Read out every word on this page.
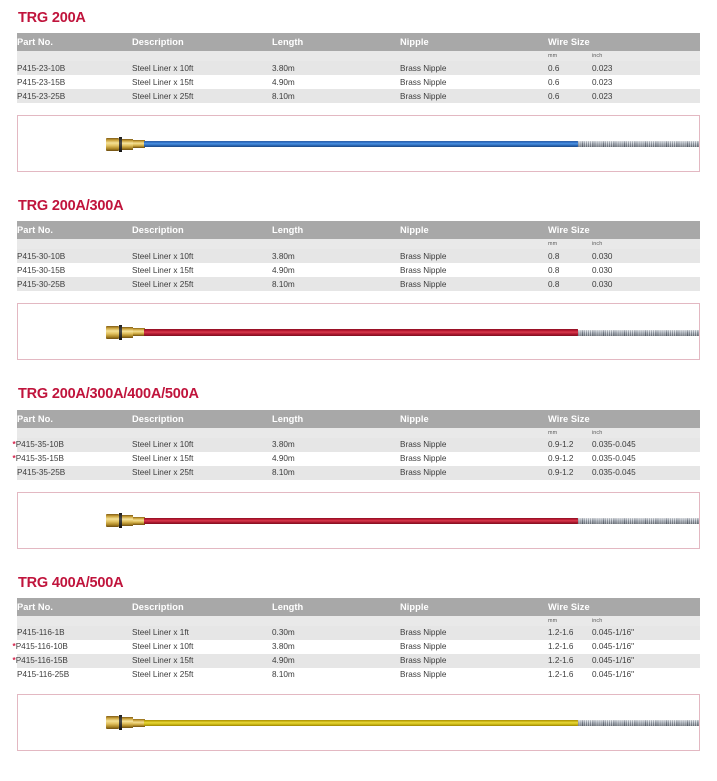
TRG 200A
Part No.	Description	Length	Nipple	Wire Size

				mm inch

P415-23-10B	Steel Liner x 10ft	3.80m	Brass Nipple	0.6 0.023

P415-23-15B	Steel Liner x 15ft	4.90m	Brass Nipple	0.6 0.023

P415-23-25B	Steel Liner x 25ft	8.10m	Brass Nipple	0.6 0.023
TRG 200A/300A
Part No.	Description	Length	Nipple	Wire Size

				mm inch

P415-30-10B	Steel Liner x 10ft	3.80m	Brass Nipple	0.8 0.030

P415-30-15B	Steel Liner x 15ft	4.90m	Brass Nipple	0.8 0.030

P415-30-25B	Steel Liner x 25ft	8.10m	Brass Nipple	0.8 0.030
TRG 200A/300A/400A/500A
Part No.	Description	Length	Nipple	Wire Size

				mm inch

*P415-35-10B	Steel Liner x 10ft	3.80m	Brass Nipple	0.9-1.2 0.035-0.045

*P415-35-15B	Steel Liner x 15ft	4.90m	Brass Nipple	0.9-1.2 0.035-0.045

P415-35-25B	Steel Liner x 25ft	8.10m	Brass Nipple	0.9-1.2 0.035-0.045
TRG 400A/500A
Part No.	Description	Length	Nipple	Wire Size

				mm inch

P415-116-1B	Steel Liner x 1ft	0.30m	Brass Nipple	1.2-1.6 0.045-1/16"

*P415-116-10B	Steel Liner x 10ft	3.80m	Brass Nipple	1.2-1.6 0.045-1/16"

*P415-116-15B	Steel Liner x 15ft	4.90m	Brass Nipple	1.2-1.6 0.045-1/16"

P415-116-25B	Steel Liner x 25ft	8.10m	Brass Nipple	1.2-1.6 0.045-1/16"
